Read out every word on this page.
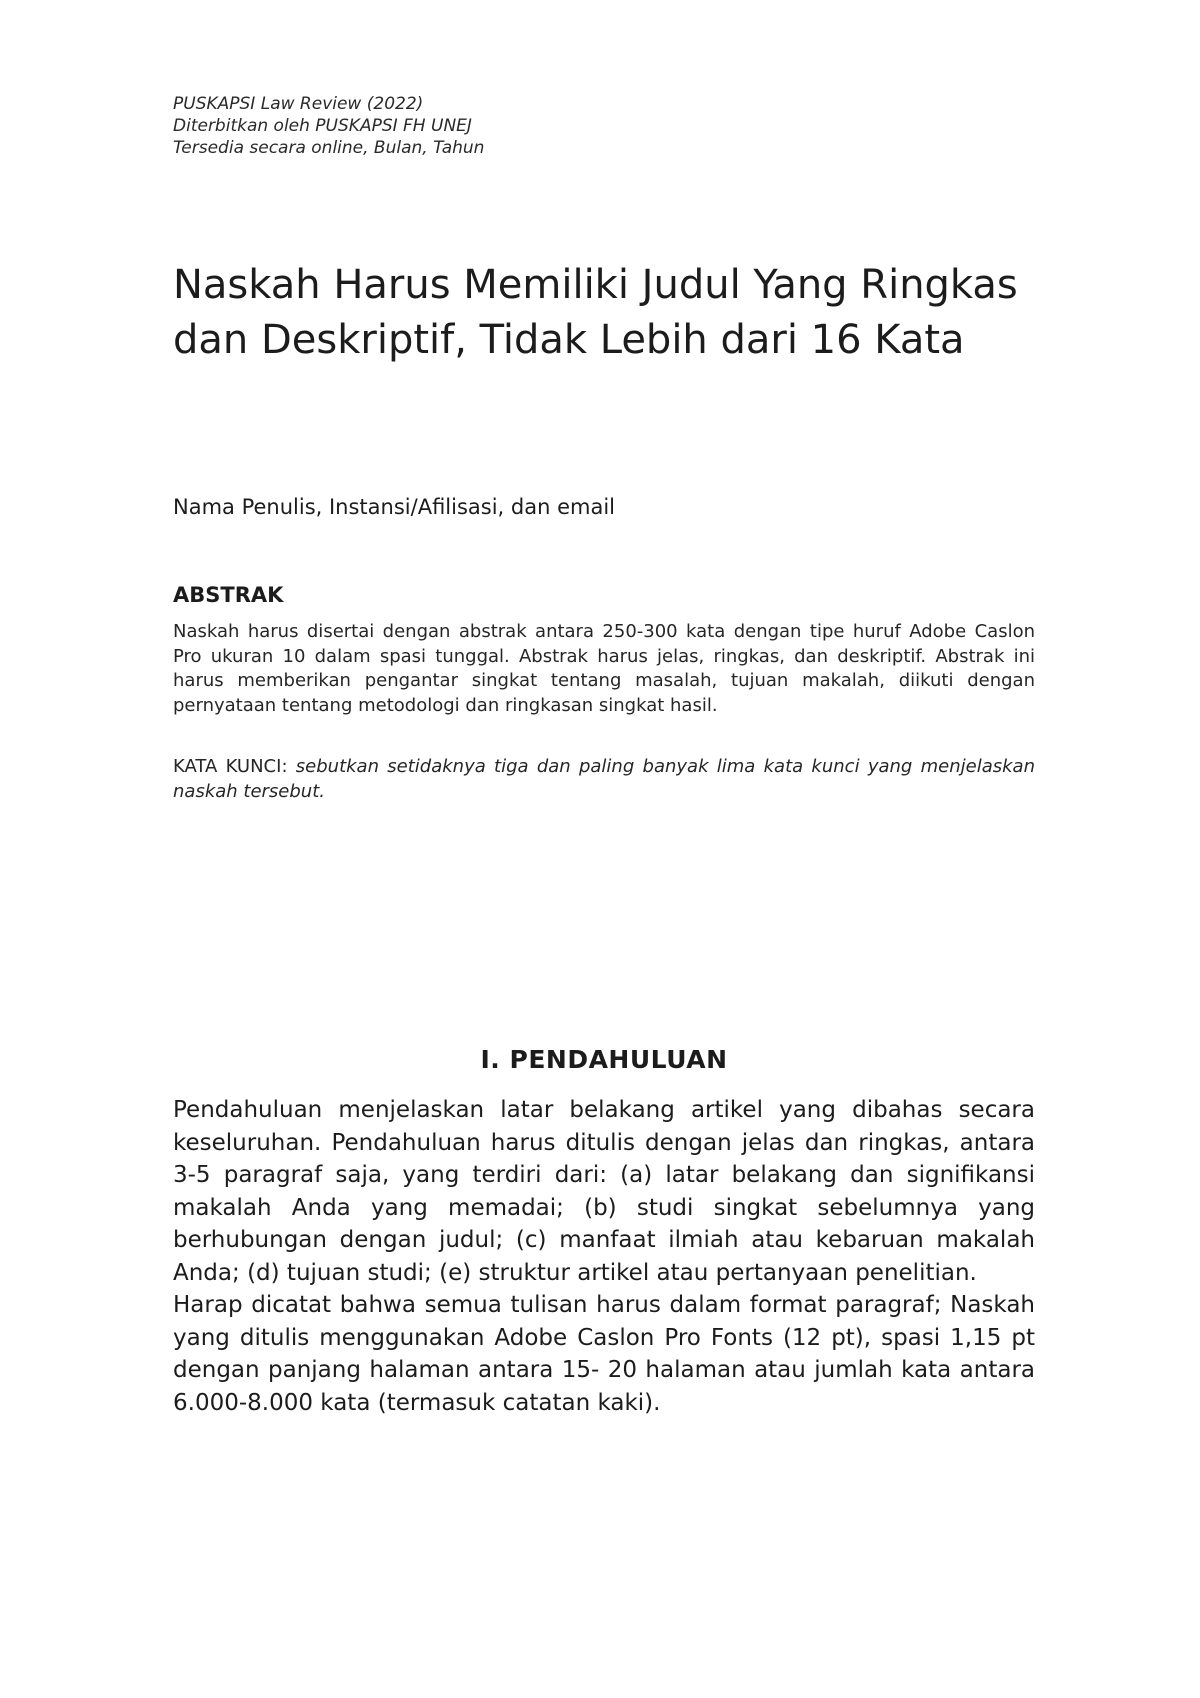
PUSKAPSI Law Review (2022)
Diterbitkan oleh PUSKAPSI FH UNEJ
Tersedia secara online, Bulan, Tahun
Naskah Harus Memiliki Judul Yang Ringkas dan Deskriptif, Tidak Lebih dari 16 Kata
Nama Penulis, Instansi/Afilisasi, dan email
ABSTRAK

Naskah harus disertai dengan abstrak antara 250-300 kata dengan tipe huruf Adobe Caslon Pro ukuran 10 dalam spasi tunggal. Abstrak harus jelas, ringkas, dan deskriptif. Abstrak ini harus memberikan pengantar singkat tentang masalah, tujuan makalah, diikuti dengan pernyataan tentang metodologi dan ringkasan singkat hasil.

KATA KUNCI: sebutkan setidaknya tiga dan paling banyak lima kata kunci yang menjelaskan naskah tersebut.

I. PENDAHULUAN

Pendahuluan menjelaskan latar belakang artikel yang dibahas secara keseluruhan. Pendahuluan harus ditulis dengan jelas dan ringkas, antara 3-5 paragraf saja, yang terdiri dari: (a) latar belakang dan signifikansi makalah Anda yang memadai; (b) studi singkat sebelumnya yang berhubungan dengan judul; (c) manfaat ilmiah atau kebaruan makalah Anda; (d) tujuan studi; (e) struktur artikel atau pertanyaan penelitian.

Harap dicatat bahwa semua tulisan harus dalam format paragraf; Naskah yang ditulis menggunakan Adobe Caslon Pro Fonts (12 pt), spasi 1,15 pt dengan panjang halaman antara 15- 20 halaman atau jumlah kata antara 6.000-8.000 kata (termasuk catatan kaki).
